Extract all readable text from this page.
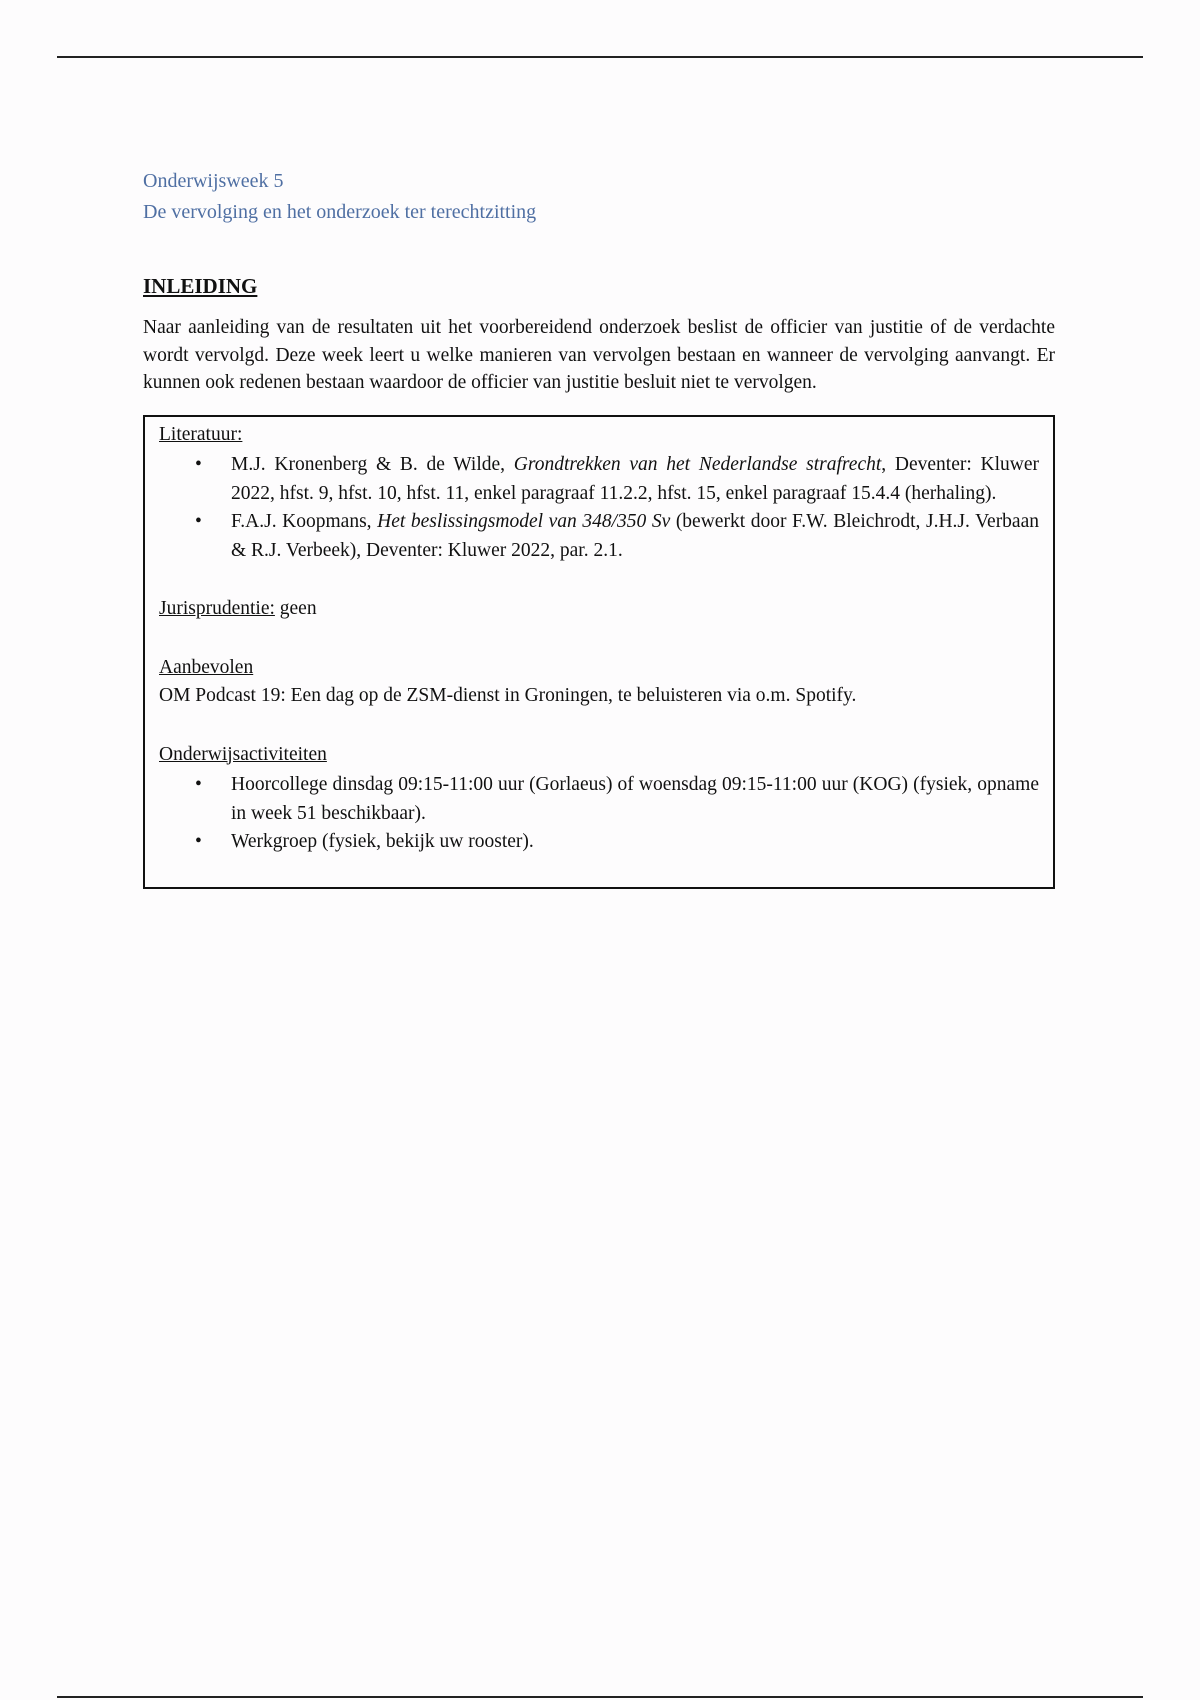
Onderwijsweek 5

De vervolging en het onderzoek ter terechtzitting

INLEIDING

Naar aanleiding van de resultaten uit het voorbereidend onderzoek beslist de officier van justitie of de verdachte wordt vervolgd. Deze week leert u welke manieren van vervolgen bestaan en wanneer de vervolging aanvangt. Er kunnen ook redenen bestaan waardoor de officier van justitie besluit niet te vervolgen.

Literatuur:
• M.J. Kronenberg & B. de Wilde, Grondtrekken van het Nederlandse strafrecht, Deventer: Kluwer 2022, hfst. 9, hfst. 10, hfst. 11, enkel paragraaf 11.2.2, hfst. 15, enkel paragraaf 15.4.4 (herhaling).
• F.A.J. Koopmans, Het beslissingsmodel van 348/350 Sv (bewerkt door F.W. Bleichrodt, J.H.J. Verbaan & R.J. Verbeek), Deventer: Kluwer 2022, par. 2.1.
Jurisprudentie: geen
Aanbevolen
OM Podcast 19: Een dag op de ZSM-dienst in Groningen, te beluisteren via o.m. Spotify.
Onderwijsactiviteiten
• Hoorcollege dinsdag 09:15-11:00 uur (Gorlaeus) of woensdag 09:15-11:00 uur (KOG) (fysiek, opname in week 51 beschikbaar).
• Werkgroep (fysiek, bekijk uw rooster).
